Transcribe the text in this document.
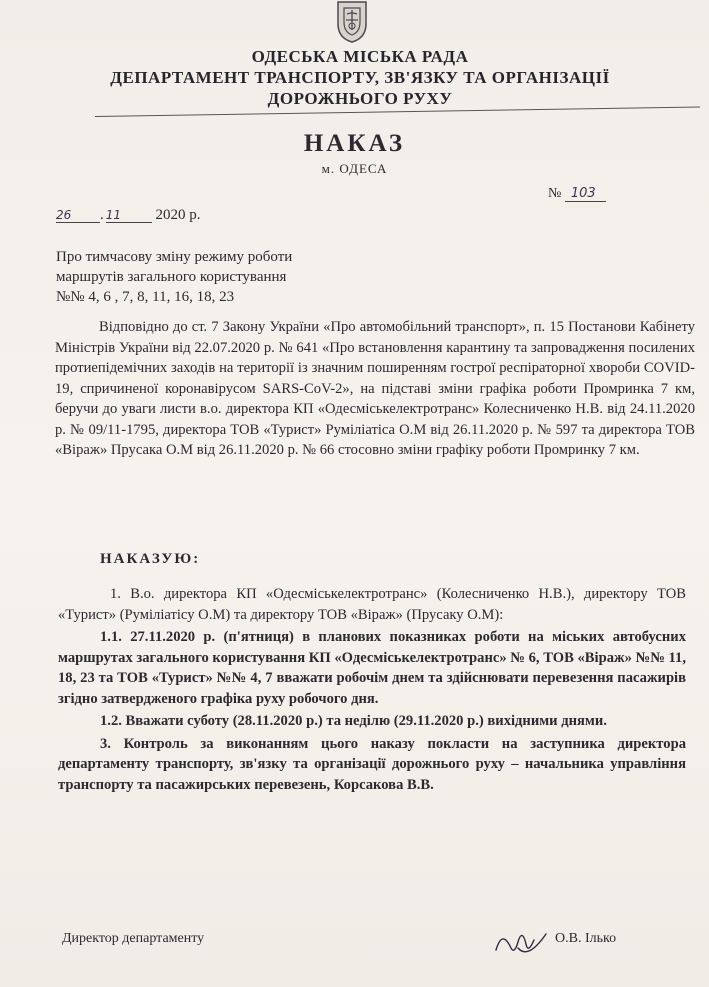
ОДЕСЬКА МІСЬКА РАДА
ДЕПАРТАМЕНТ ТРАНСПОРТУ, ЗВ'ЯЗКУ ТА ОРГАНІЗАЦІЇ
ДОРОЖНЬОГО РУХУ
НАКАЗ
м. ОДЕСА
№ 103
26 . 11 2020 р.
Про тимчасову зміну режиму роботи
маршрутів загального користування
№№ 4, 6 , 7, 8, 11, 16, 18, 23

Відповідно до ст. 7 Закону України «Про автомобільний транспорт», п. 15 Постанови Кабінету Міністрів України від 22.07.2020 р. № 641 «Про встановлення карантину та запровадження посилених протиепідемічних заходів на території із значним поширенням гострої респіраторної хвороби COVID-19, спричиненої коронавірусом SARS-CoV-2», на підставі зміни графіка роботи Промринка 7 км, беручи до уваги листи в.о. директора КП «Одесміськелектротранс» Колесниченко Н.В. від 24.11.2020 р. № 09/11-1795, директора ТОВ «Турист» Руміліатіса О.М від 26.11.2020 р. № 597 та директора ТОВ «Віраж» Прусака О.М від 26.11.2020 р. № 66 стосовно зміни графіку роботи Промринку 7 км.

НАКАЗУЮ:

1. В.о. директора КП «Одесміськелектротранс» (Колесниченко Н.В.), директору ТОВ «Турист» (Руміліатісу О.М) та директору ТОВ «Віраж» (Прусаку О.М):

1.1. 27.11.2020 р. (п'ятниця) в планових показниках роботи на міських автобусних маршрутах загального користування КП «Одесміськелектротранс» № 6, ТОВ «Віраж» №№ 11, 18, 23 та ТОВ «Турист» №№ 4, 7 вважати робочім днем та здійснювати перевезення пасажирів згідно затвердженого графіка руху робочого дня.

1.2. Вважати суботу (28.11.2020 р.) та неділю (29.11.2020 р.) вихідними днями.

3. Контроль за виконанням цього наказу покласти на заступника директора департаменту транспорту, зв'язку та організації дорожнього руху – начальника управління транспорту та пасажирських перевезень, Корсакова В.В.

Директор департаменту	О.В. Ілько
